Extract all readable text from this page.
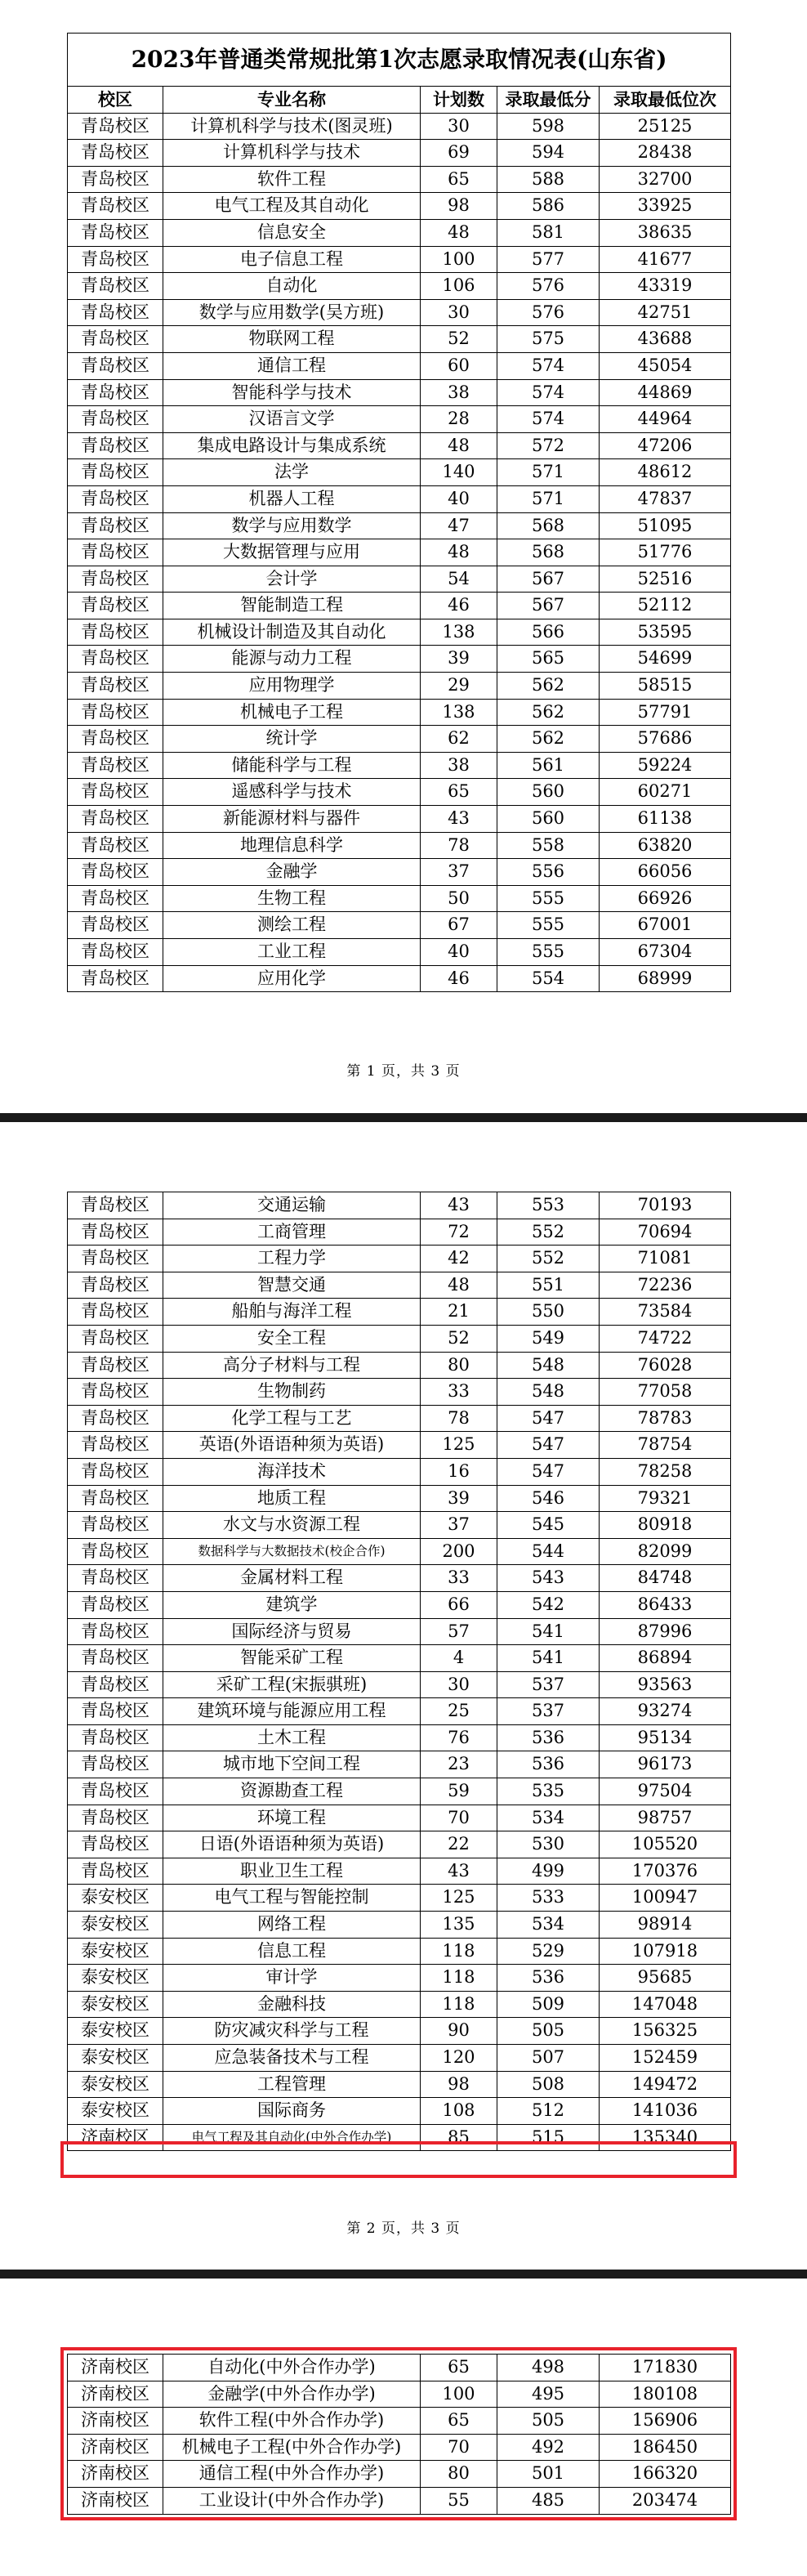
2023年普通类常规批第1次志愿录取情况表(山东省)				
校区	专业名称	计划数	录取最低分	录取最低位次
青岛校区	计算机科学与技术(图灵班)	30	598	25125
青岛校区	计算机科学与技术	69	594	28438
青岛校区	软件工程	65	588	32700
青岛校区	电气工程及其自动化	98	586	33925
青岛校区	信息安全	48	581	38635
青岛校区	电子信息工程	100	577	41677
青岛校区	自动化	106	576	43319
青岛校区	数学与应用数学(吴方班)	30	576	42751
青岛校区	物联网工程	52	575	43688
青岛校区	通信工程	60	574	45054
青岛校区	智能科学与技术	38	574	44869
青岛校区	汉语言文学	28	574	44964
青岛校区	集成电路设计与集成系统	48	572	47206
青岛校区	法学	140	571	48612
青岛校区	机器人工程	40	571	47837
青岛校区	数学与应用数学	47	568	51095
青岛校区	大数据管理与应用	48	568	51776
青岛校区	会计学	54	567	52516
青岛校区	智能制造工程	46	567	52112
青岛校区	机械设计制造及其自动化	138	566	53595
青岛校区	能源与动力工程	39	565	54699
青岛校区	应用物理学	29	562	58515
青岛校区	机械电子工程	138	562	57791
青岛校区	统计学	62	562	57686
青岛校区	储能科学与工程	38	561	59224
青岛校区	遥感科学与技术	65	560	60271
青岛校区	新能源材料与器件	43	560	61138
青岛校区	地理信息科学	78	558	63820
青岛校区	金融学	37	556	66056
青岛校区	生物工程	50	555	66926
青岛校区	测绘工程	67	555	67001
青岛校区	工业工程	40	555	67304
青岛校区	应用化学	46	554	68999
第 1 页，共 3 页
青岛校区	交通运输	43	553	70193
青岛校区	工商管理	72	552	70694
青岛校区	工程力学	42	552	71081
青岛校区	智慧交通	48	551	72236
青岛校区	船舶与海洋工程	21	550	73584
青岛校区	安全工程	52	549	74722
青岛校区	高分子材料与工程	80	548	76028
青岛校区	生物制药	33	548	77058
青岛校区	化学工程与工艺	78	547	78783
青岛校区	英语(外语语种须为英语)	125	547	78754
青岛校区	海洋技术	16	547	78258
青岛校区	地质工程	39	546	79321
青岛校区	水文与水资源工程	37	545	80918
青岛校区	数据科学与大数据技术(校企合作)	200	544	82099
青岛校区	金属材料工程	33	543	84748
青岛校区	建筑学	66	542	86433
青岛校区	国际经济与贸易	57	541	87996
青岛校区	智能采矿工程	4	541	86894
青岛校区	采矿工程(宋振骐班)	30	537	93563
青岛校区	建筑环境与能源应用工程	25	537	93274
青岛校区	土木工程	76	536	95134
青岛校区	城市地下空间工程	23	536	96173
青岛校区	资源勘查工程	59	535	97504
青岛校区	环境工程	70	534	98757
青岛校区	日语(外语语种须为英语)	22	530	105520
青岛校区	职业卫生工程	43	499	170376
泰安校区	电气工程与智能控制	125	533	100947
泰安校区	网络工程	135	534	98914
泰安校区	信息工程	118	529	107918
泰安校区	审计学	118	536	95685
泰安校区	金融科技	118	509	147048
泰安校区	防灾减灾科学与工程	90	505	156325
泰安校区	应急装备技术与工程	120	507	152459
泰安校区	工程管理	98	508	149472
泰安校区	国际商务	108	512	141036
济南校区	电气工程及其自动化(中外合作办学)	85	515	135340
第 2 页，共 3 页
济南校区	自动化(中外合作办学)	65	498	171830
济南校区	金融学(中外合作办学)	100	495	180108
济南校区	软件工程(中外合作办学)	65	505	156906
济南校区	机械电子工程(中外合作办学)	70	492	186450
济南校区	通信工程(中外合作办学)	80	501	166320
济南校区	工业设计(中外合作办学)	55	485	203474
